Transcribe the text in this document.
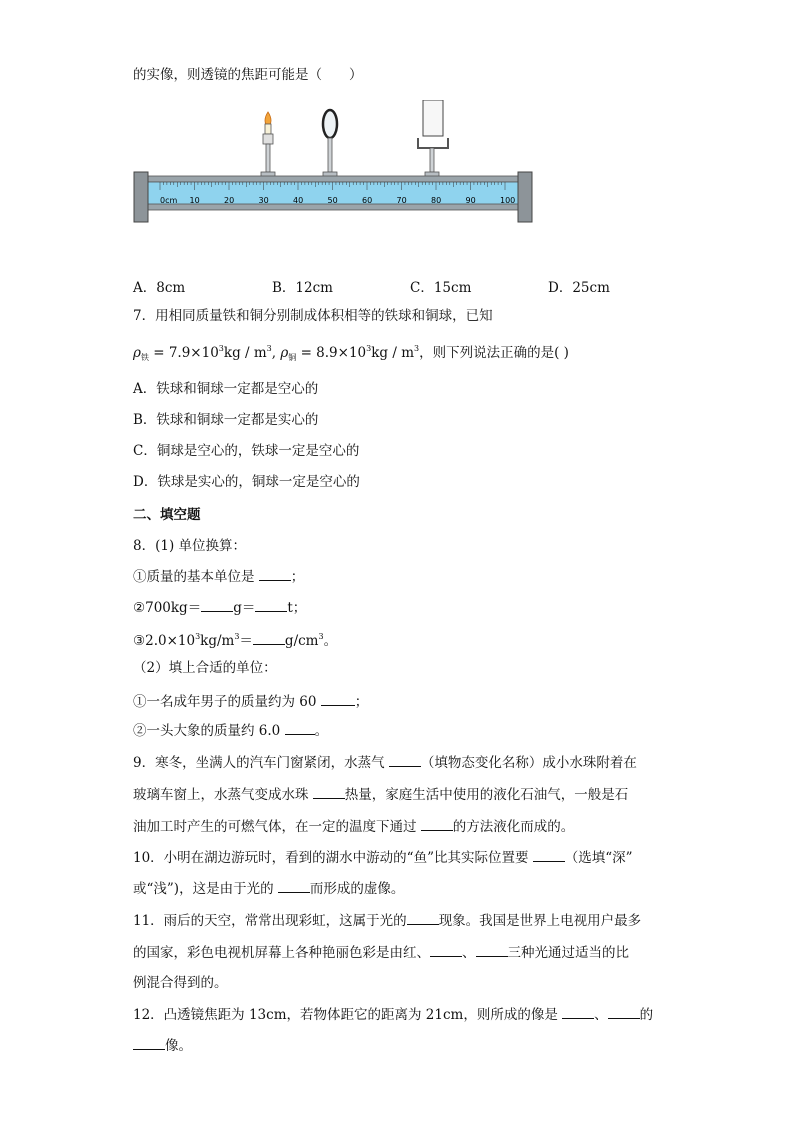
的实像，则透镜的焦距可能是（　　）
0cm 10	20	30	40	50	60	70	80	90	100
A．8cm	B．12cm	C．15cm	D．25cm
7．用相同质量铁和铜分别制成体积相等的铁球和铜球，已知
$\rho_铁 = 7.9\times 10^3kg / m^3$, $\rho_铜 = 8.9\times 10^3kg / m^3$，则下列说法正确的是( )
A．铁球和铜球一定都是空心的
B．铁球和铜球一定都是实心的
C．铜球是空心的，铁球一定是空心的
D．铁球是实心的，铜球一定是空心的
二、填空题
8．(1) 单位换算：
①质量的基本单位是 ；
②700kg＝ g＝ t；
$③2.0\times 10^3kg/m^3= g/cm^3$。
（2）填上合适的单位：
①一名成年男子的质量约为 60	；
②一头大象的质量约 6.0 。
9．寒冬，坐满人的汽车门窗紧闭，水蒸气 （填物态变化名称）成小水珠附着在
玻璃车窗上，水蒸气变成水珠 热量，家庭生活中使用的液化石油气，一般是石
油加工时产生的可燃气体，在一定的温度下通过 的方法液化而成的。
10．小明在湖边游玩时，看到的湖水中游动的“鱼”比其实际位置要 （选填“深”
或“浅”)，这是由于光的 而形成的虚像。
11．雨后的天空，常常出现彩虹，这属于光的 现象。我国是世界上电视用户最多
的国家，彩色电视机屏幕上各种艳丽色彩是由红、 、 三种光通过适当的比
例混合得到的。
12．凸透镜焦距为 13cm，若物体距它的距离为 21cm，则所成的像是 、 的
像。
